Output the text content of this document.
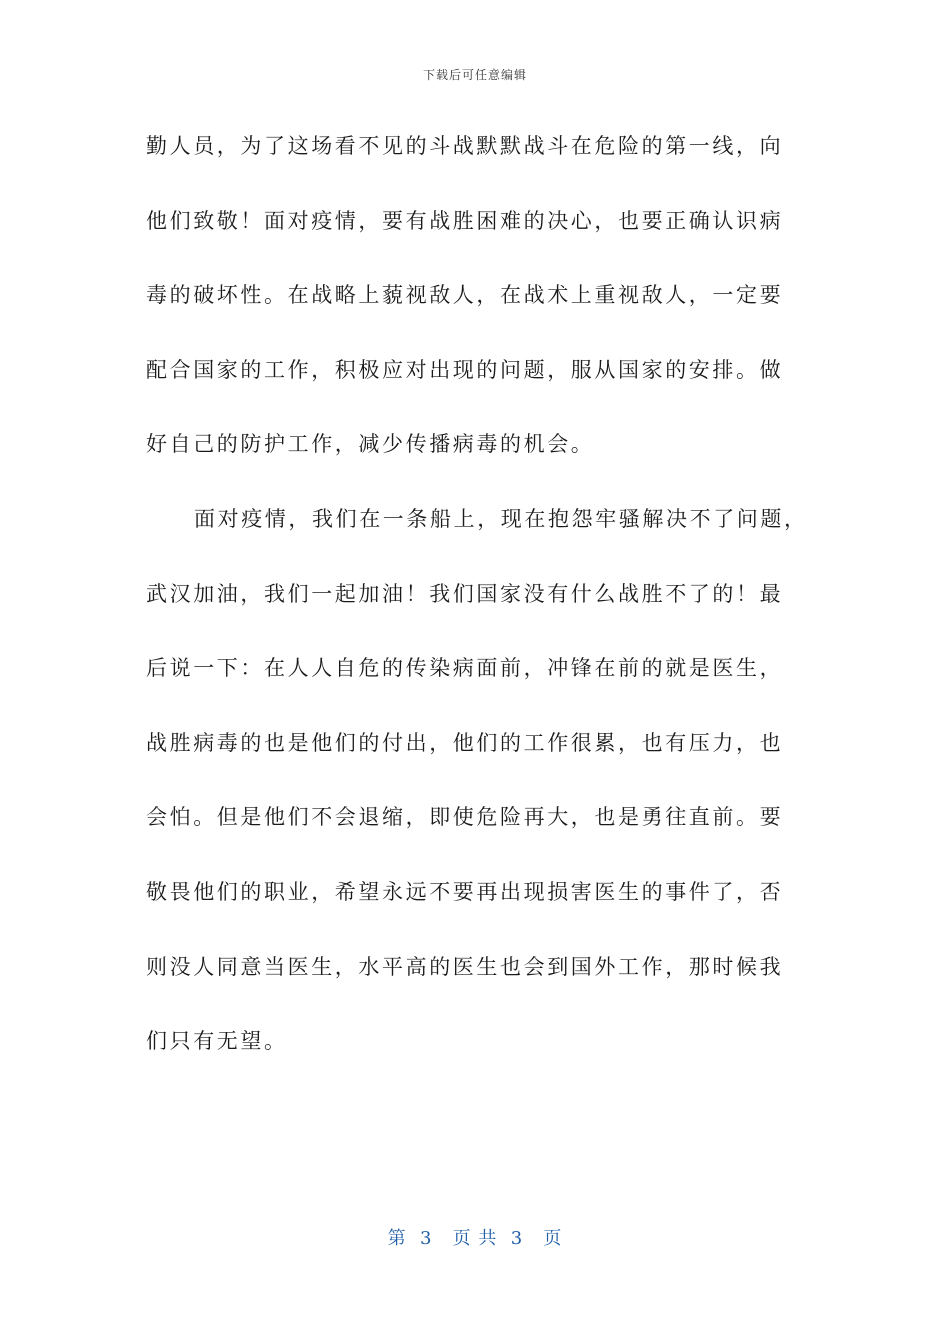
下载后可任意编辑
勤人员，为了这场看不见的斗战默默战斗在危险的第一线，向
他们致敬！面对疫情，要有战胜困难的决心，也要正确认识病
毒的破坏性。在战略上藐视敌人，在战术上重视敌人，一定要
配合国家的工作，积极应对出现的问题，服从国家的安排。做
好自己的防护工作，减少传播病毒的机会。
面对疫情，我们在一条船上，现在抱怨牢骚解决不了问题，
武汉加油，我们一起加油！我们国家没有什么战胜不了的！最
后说一下：在人人自危的传染病面前，冲锋在前的就是医生，
战胜病毒的也是他们的付出，他们的工作很累，也有压力，也
会怕。但是他们不会退缩，即使危险再大，也是勇往直前。要
敬畏他们的职业，希望永远不要再出现损害医生的事件了，否
则没人同意当医生，水平高的医生也会到国外工作，那时候我
们只有无望。
第  3   页 共  3   页
